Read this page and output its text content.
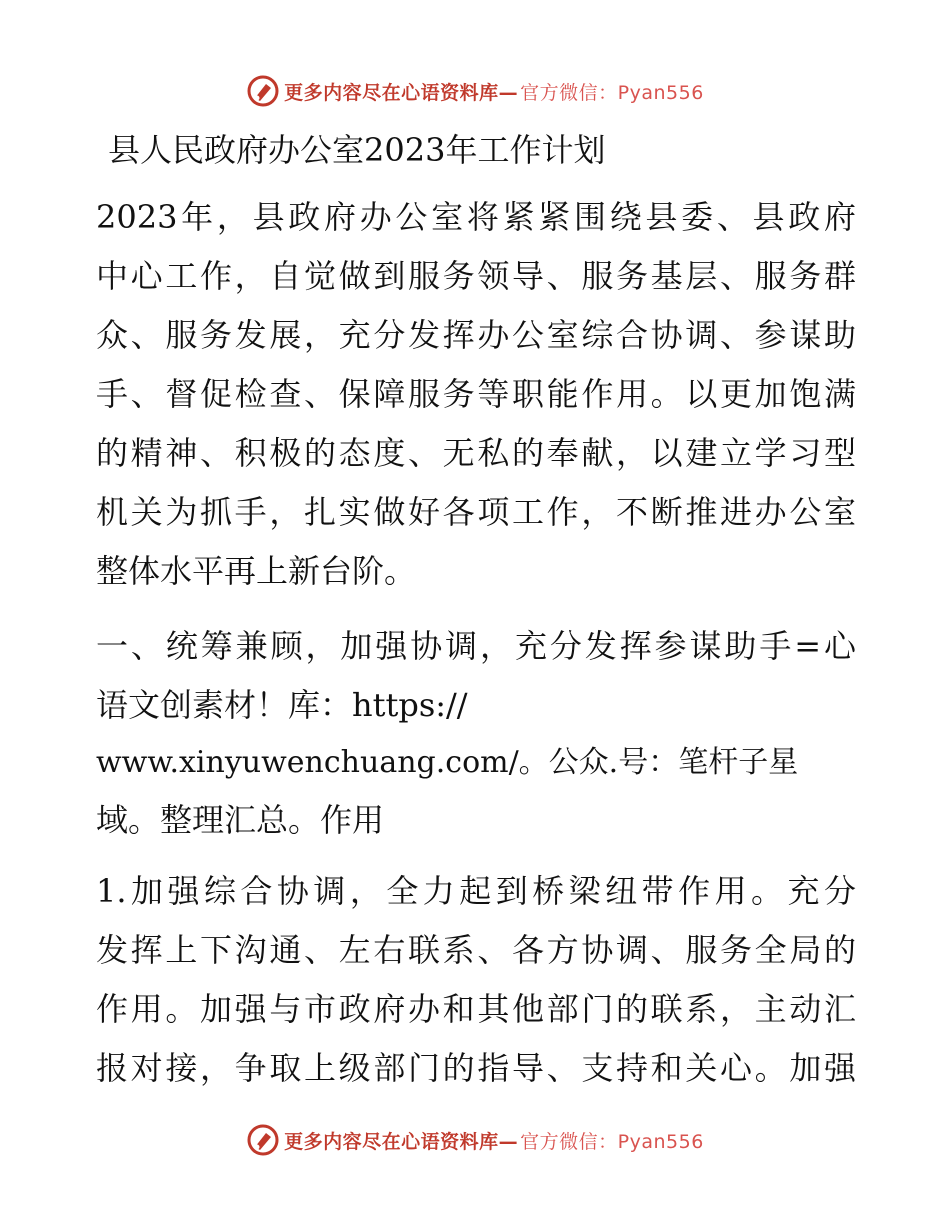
更多内容尽在心语资料库— 官方微信：Pyan556
县人民政府办公室2023年工作计划
2023年，县政府办公室将紧紧围绕县委、县政府
中心工作，自觉做到服务领导、服务基层、服务群
众、服务发展，充分发挥办公室综合协调、参谋助
手、督促检查、保障服务等职能作用。以更加饱满
的精神、积极的态度、无私的奉献，以建立学习型
机关为抓手，扎实做好各项工作，不断推进办公室
整体水平再上新台阶。
一、统筹兼顾，加强协调，充分发挥参谋助手=心
语文创素材！库：https://
www.xinyuwenchuang.com/。公众.号：笔杆子星
域。整理汇总。作用
1.加强综合协调，全力起到桥梁纽带作用。充分
发挥上下沟通、左右联系、各方协调、服务全局的
作用。加强与市政府办和其他部门的联系，主动汇
报对接，争取上级部门的指导、支持和关心。加强
更多内容尽在心语资料库— 官方微信：Pyan556
